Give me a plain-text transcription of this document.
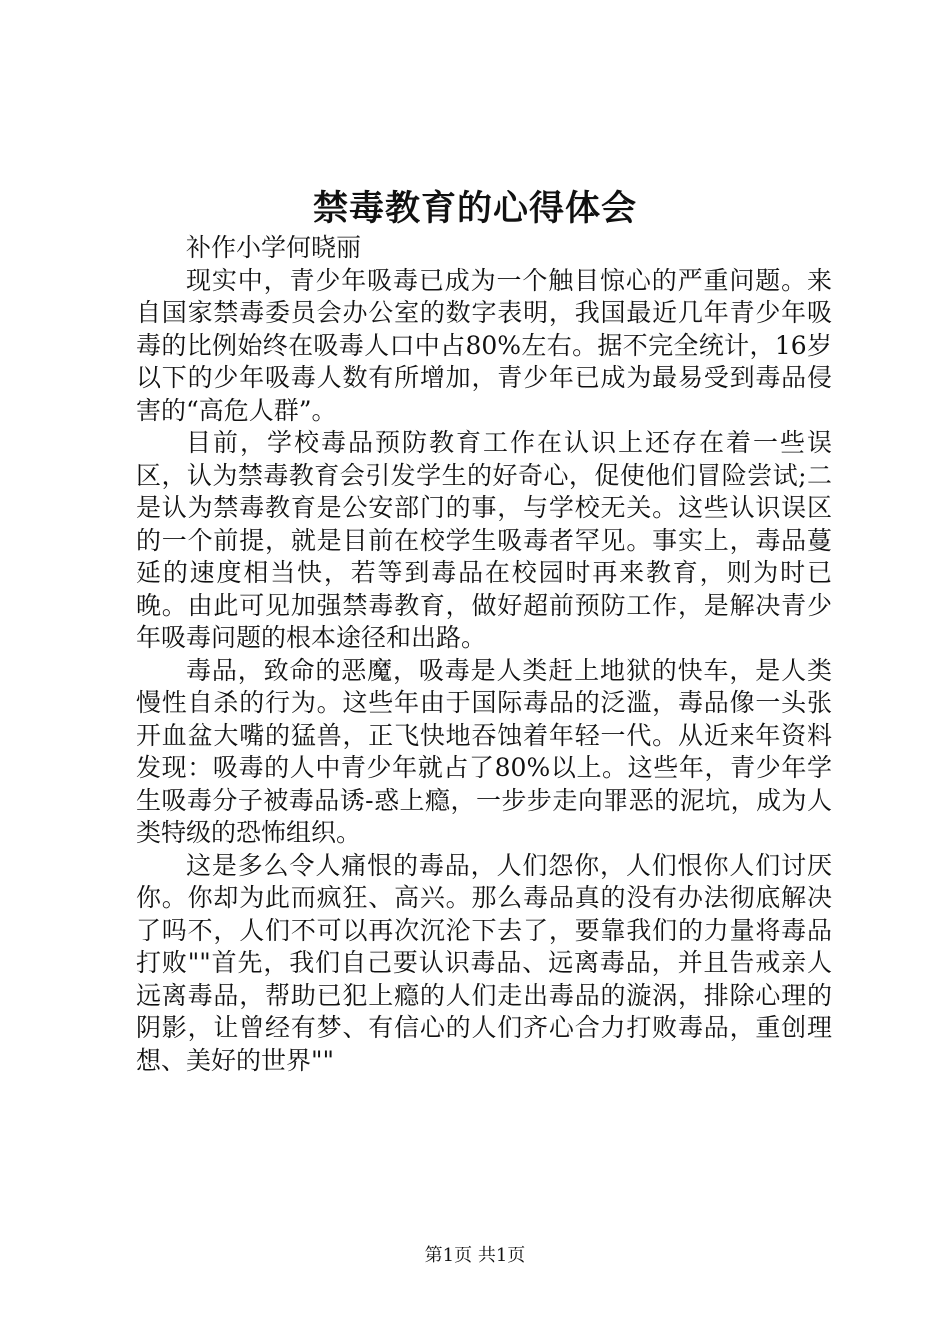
禁毒教育的心得体会

补作小学何晓丽

现实中，青少年吸毒已成为一个触目惊心的严重问题。来自国家禁毒委员会办公室的数字表明，我国最近几年青少年吸毒的比例始终在吸毒人口中占80%左右。据不完全统计，16岁以下的少年吸毒人数有所增加，青少年已成为最易受到毒品侵害的“高危人群”。

目前，学校毒品预防教育工作在认识上还存在着一些误区，认为禁毒教育会引发学生的好奇心，促使他们冒险尝试;二是认为禁毒教育是公安部门的事，与学校无关。这些认识误区的一个前提，就是目前在校学生吸毒者罕见。事实上，毒品蔓延的速度相当快，若等到毒品在校园时再来教育，则为时已晚。由此可见加强禁毒教育，做好超前预防工作，是解决青少年吸毒问题的根本途径和出路。

毒品，致命的恶魔，吸毒是人类赶上地狱的快车，是人类慢性自杀的行为。这些年由于国际毒品的泛滥，毒品像一头张开血盆大嘴的猛兽，正飞快地吞蚀着年轻一代。从近来年资料发现：吸毒的人中青少年就占了80%以上。这些年，青少年学生吸毒分子被毒品诱-惑上瘾，一步步走向罪恶的泥坑，成为人类特级的恐怖组织。

这是多么令人痛恨的毒品，人们怨你，人们恨你人们讨厌你。你却为此而疯狂、高兴。那么毒品真的没有办法彻底解决了吗不，人们不可以再次沉沦下去了，要靠我们的力量将毒品打败""首先，我们自己要认识毒品、远离毒品，并且告戒亲人远离毒品，帮助已犯上瘾的人们走出毒品的漩涡，排除心理的阴影，让曾经有梦、有信心的人们齐心合力打败毒品，重创理想、美好的世界""

第1页 共1页
